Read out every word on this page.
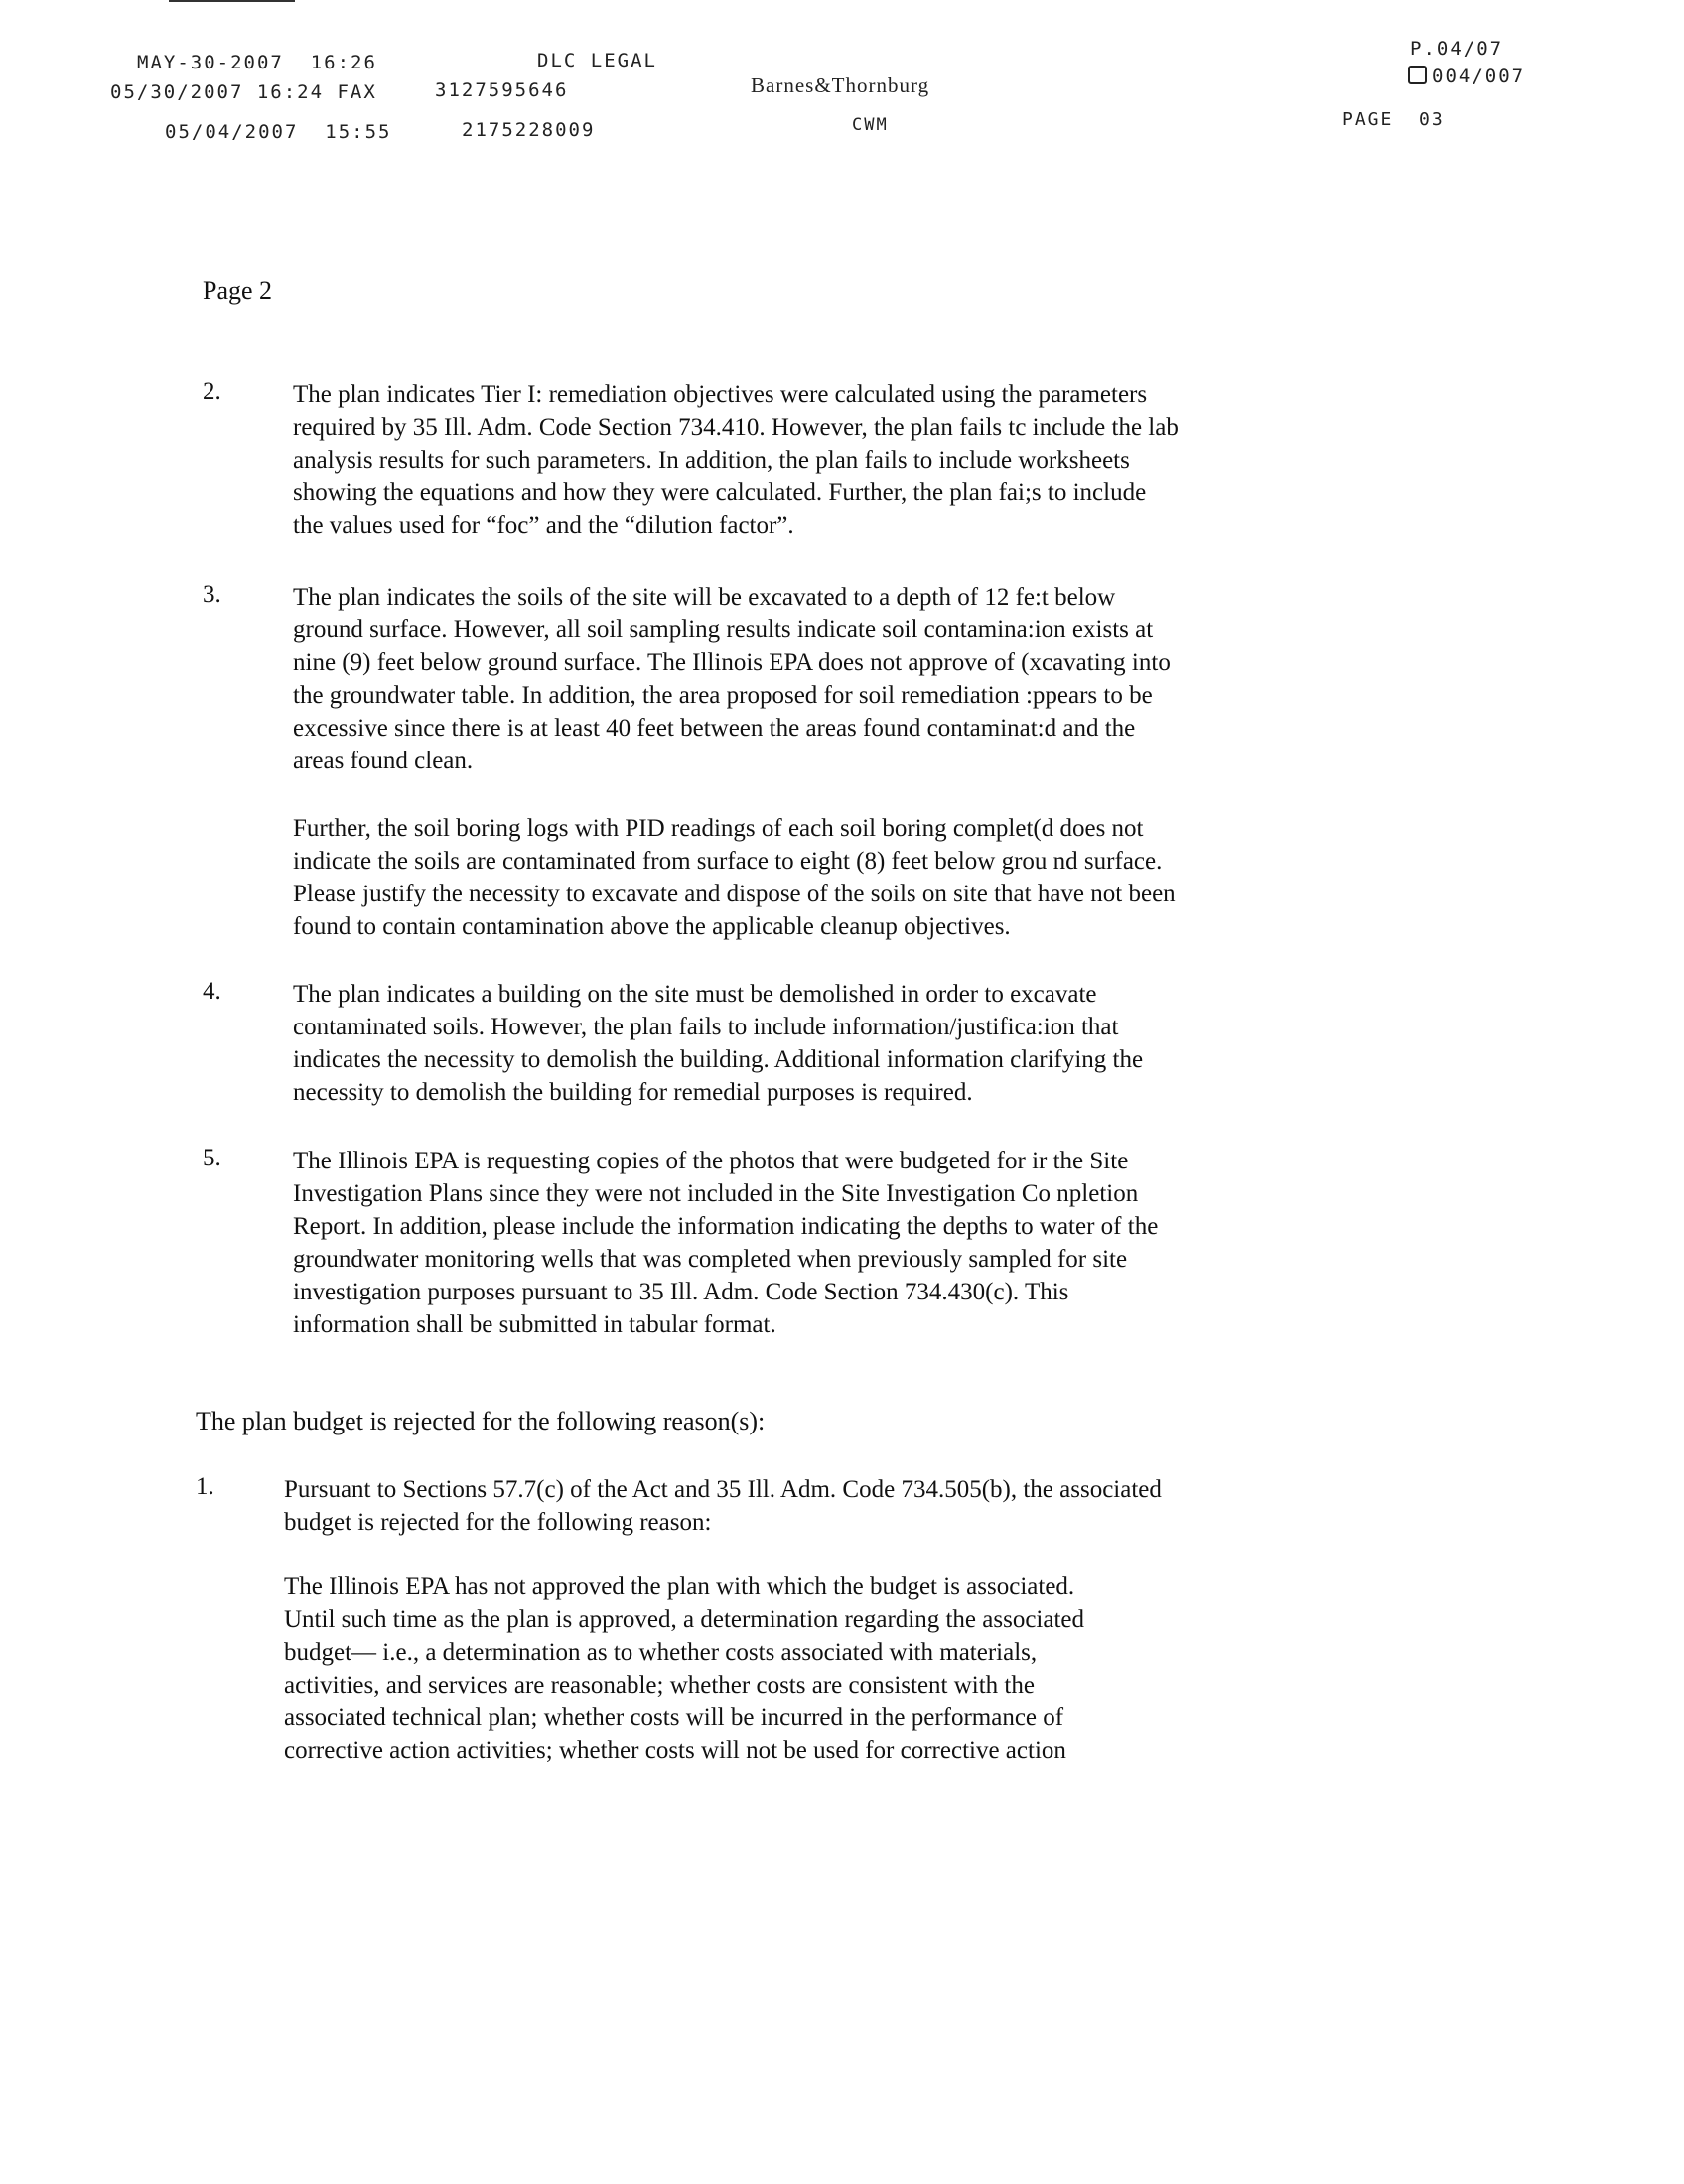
MAY-30-2007  16:26	DLC LEGAL
P.04/07
05/30/2007 16:24 FAX	3127595646	Barnes&Thornburg	004/007
05/04/2007  15:55	2175228009	CWM	PAGE  03
Page 2
2.	The plan indicates Tier I: remediation objectives were calculated using the parameters
required by 35 Ill. Adm. Code Section 734.410. However, the plan fails tc include the lab
analysis results for such parameters. In addition, the plan fails to include worksheets
showing the equations and how they were calculated. Further, the plan fai;s to include
the values used for “foc” and the “dilution factor”.
3.	The plan indicates the soils of the site will be excavated to a depth of 12 fe:t below
ground surface. However, all soil sampling results indicate soil contamina:ion exists at
nine (9) feet below ground surface. The Illinois EPA does not approve of (xcavating into
the groundwater table. In addition, the area proposed for soil remediation :ppears to be
excessive since there is at least 40 feet between the areas found contaminat:d and the
areas found clean.
Further, the soil boring logs with PID readings of each soil boring complet(d does not
indicate the soils are contaminated from surface to eight (8) feet below grou nd surface.
Please justify the necessity to excavate and dispose of the soils on site that have not been
found to contain contamination above the applicable cleanup objectives.
4.	The plan indicates a building on the site must be demolished in order to excavate
contaminated soils. However, the plan fails to include information/justifica:ion that
indicates the necessity to demolish the building. Additional information clarifying the
necessity to demolish the building for remedial purposes is required.
5.	The Illinois EPA is requesting copies of the photos that were budgeted for ir the Site
Investigation Plans since they were not included in the Site Investigation Co npletion
Report. In addition, please include the information indicating the depths to water of the
groundwater monitoring wells that was completed when previously sampled for site
investigation purposes pursuant to 35 Ill. Adm. Code Section 734.430(c). This
information shall be submitted in tabular format.
The plan budget is rejected for the following reason(s):
1.	Pursuant to Sections 57.7(c) of the Act and 35 Ill. Adm. Code 734.505(b), the associated
budget is rejected for the following reason:
The Illinois EPA has not approved the plan with which the budget is associated.
Until such time as the plan is approved, a determination regarding the associated
budget— i.e., a determination as to whether costs associated with materials,
activities, and services are reasonable; whether costs are consistent with the
associated technical plan; whether costs will be incurred in the performance of
corrective action activities; whether costs will not be used for corrective action
